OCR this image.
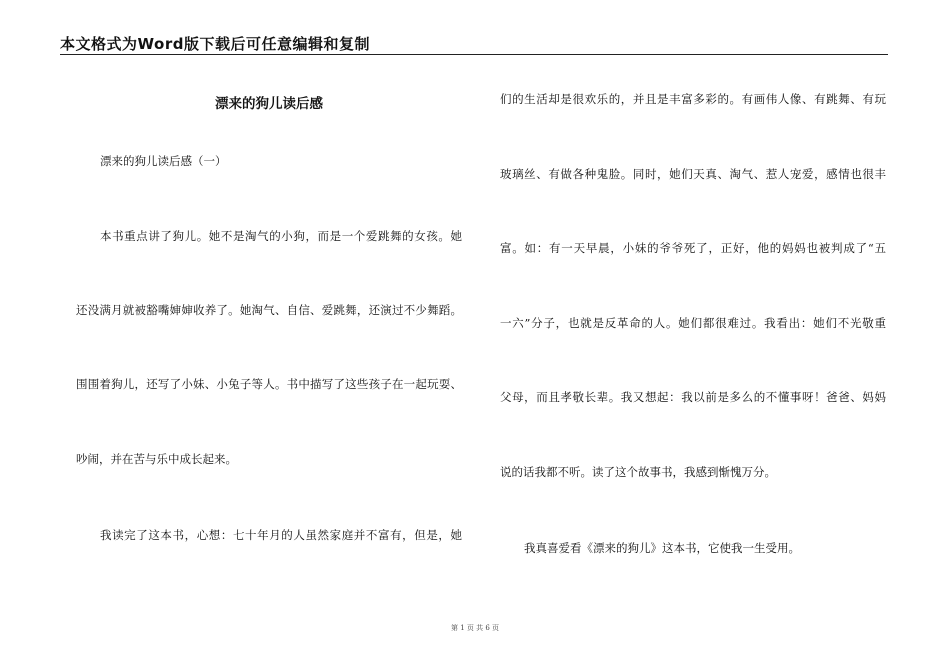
本文格式为Word版下载后可任意编辑和复制
漂来的狗儿读后感
漂来的狗儿读后感（一）
本书重点讲了狗儿。她不是淘气的小狗，而是一个爱跳舞的女孩。她
还没满月就被豁嘴婶婶收养了。她淘气、自信、爱跳舞，还演过不少舞蹈。
围围着狗儿，还写了小妹、小兔子等人。书中描写了这些孩子在一起玩耍、
吵闹，并在苦与乐中成长起来。
我读完了这本书，心想：七十年月的人虽然家庭并不富有，但是，她
们的生活却是很欢乐的，并且是丰富多彩的。有画伟人像、有跳舞、有玩
玻璃丝、有做各种鬼脸。同时，她们天真、淘气、惹人宠爱，感情也很丰
富。如：有一天早晨，小妹的爷爷死了，正好，他的妈妈也被判成了“五
一六”分子，也就是反革命的人。她们都很难过。我看出：她们不光敬重
父母，而且孝敬长辈。我又想起：我以前是多么的不懂事呀！爸爸、妈妈
说的话我都不听。读了这个故事书，我感到惭愧万分。
我真喜爱看《漂来的狗儿》这本书，它使我一生受用。
第 1 页 共 6 页
